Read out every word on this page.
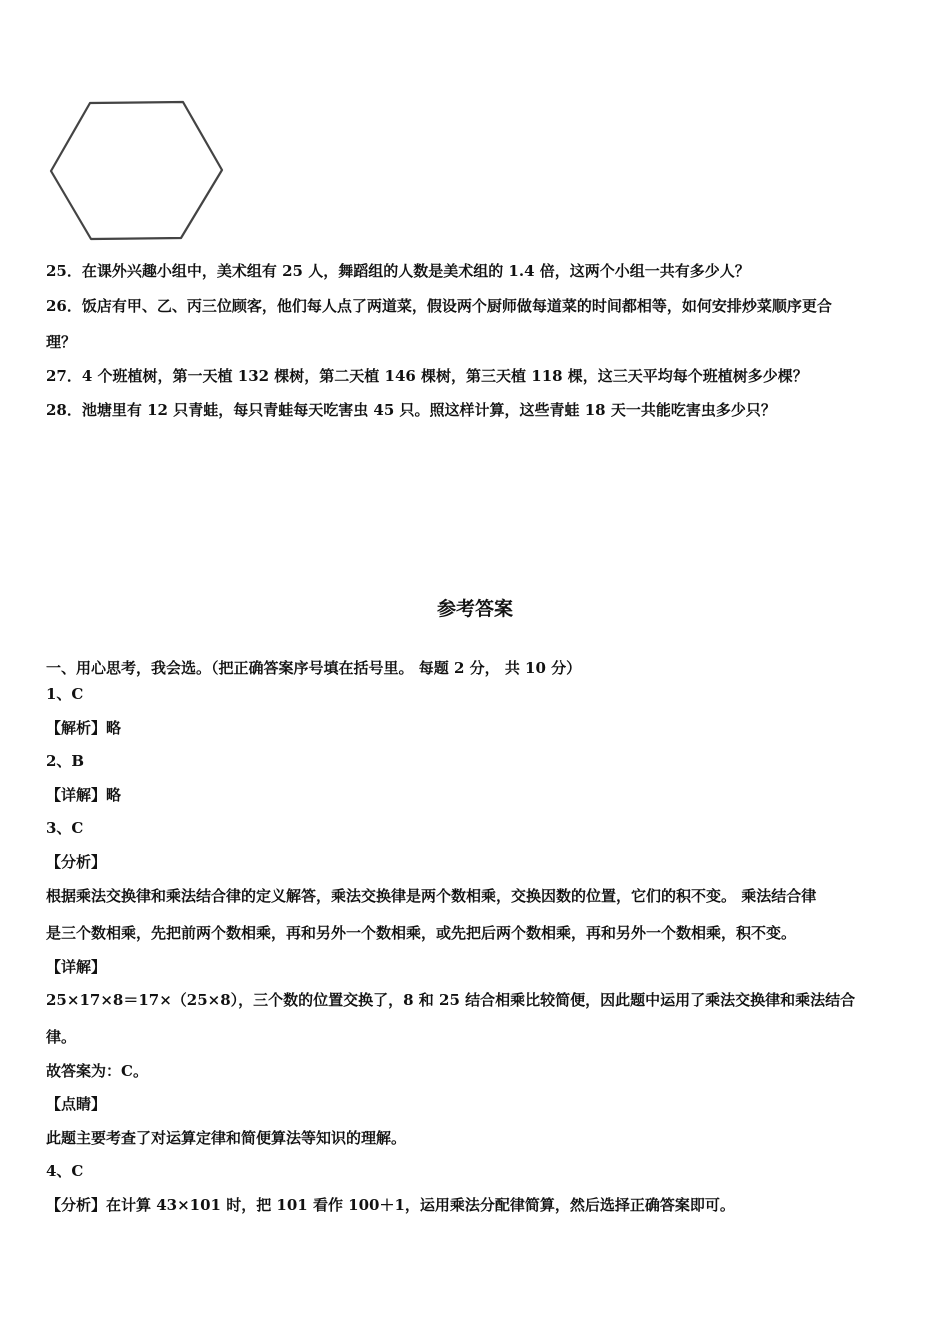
25．在课外兴趣小组中，美术组有 25 人，舞蹈组的人数是美术组的 1.4 倍，这两个小组一共有多少人？
26．饭店有甲、乙、丙三位顾客，他们每人点了两道菜，假设两个厨师做每道菜的时间都相等，如何安排炒菜顺序更合
理？
27．4 个班植树，第一天植 132 棵树，第二天植 146 棵树，第三天植 118 棵，这三天平均每个班植树多少棵？
28．池塘里有 12 只青蛙，每只青蛙每天吃害虫 45 只。照这样计算，这些青蛙 18 天一共能吃害虫多少只？
参考答案
一、用心思考，我会选。（把正确答案序号填在括号里。 每题 2 分， 共 10 分）
1、C
【解析】略
2、B
【详解】略
3、C
【分析】
根据乘法交换律和乘法结合律的定义解答，乘法交换律是两个数相乘，交换因数的位置，它们的积不变。 乘法结合律
是三个数相乘，先把前两个数相乘，再和另外一个数相乘，或先把后两个数相乘，再和另外一个数相乘，积不变。
【详解】
25×17×8＝17×（25×8），三个数的位置交换了，8 和 25 结合相乘比较简便，因此题中运用了乘法交换律和乘法结合
律。
故答案为：C。
【点睛】
此题主要考查了对运算定律和简便算法等知识的理解。
4、C
【分析】在计算 43×101 时，把 101 看作 100＋1，运用乘法分配律简算，然后选择正确答案即可。
